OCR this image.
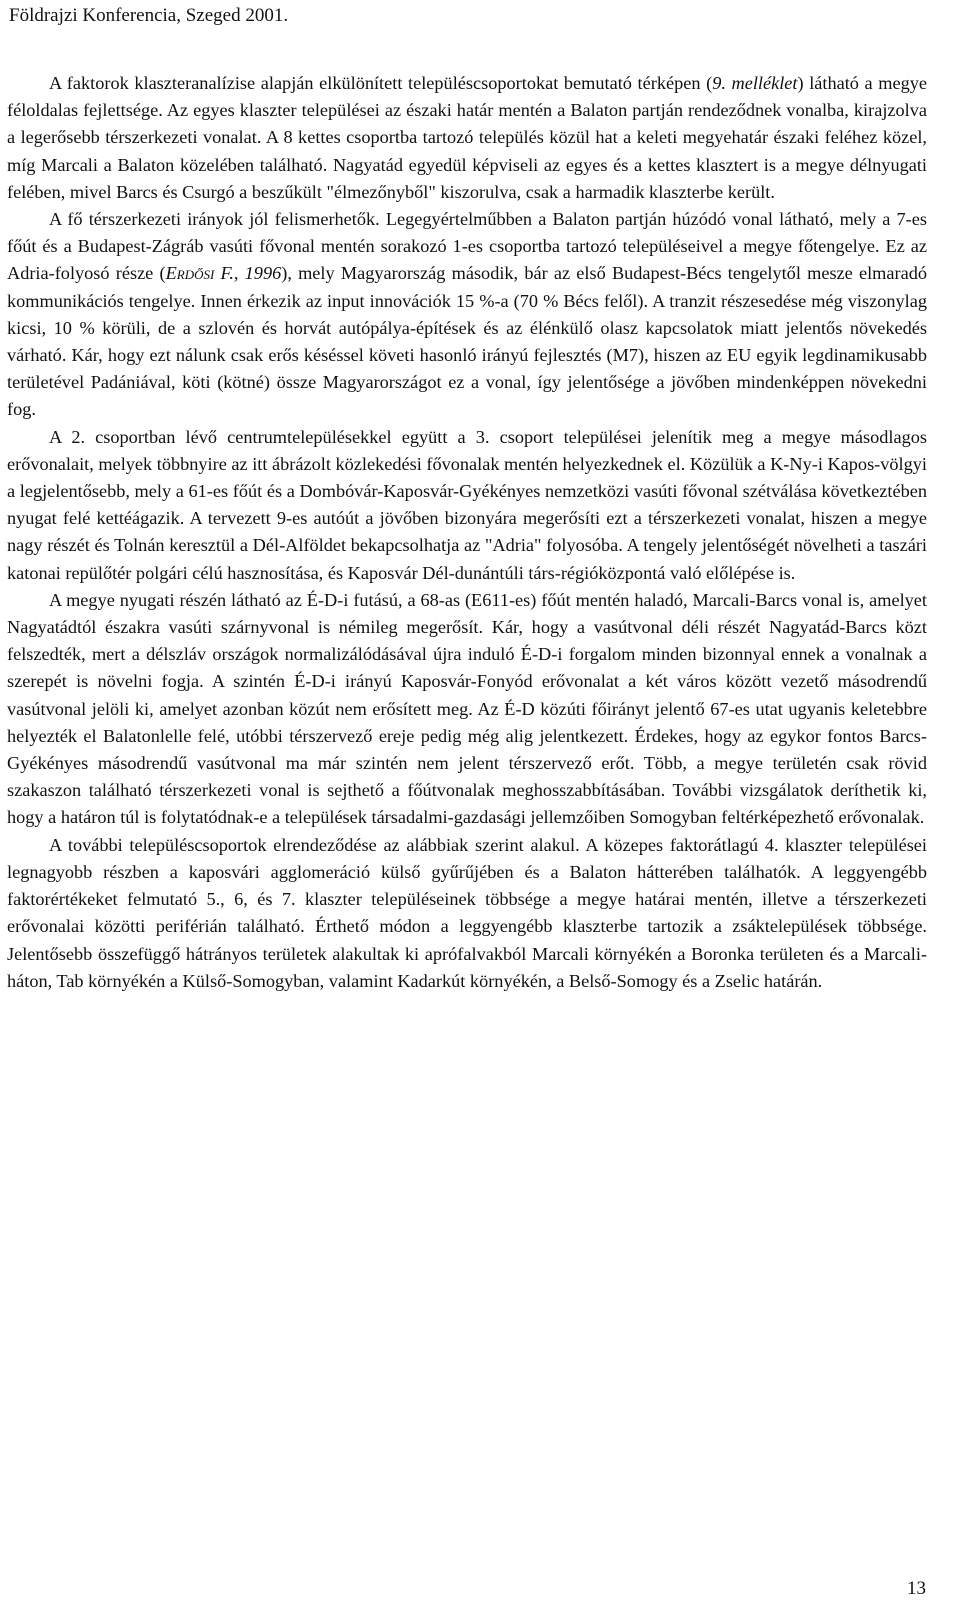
Földrajzi Konferencia, Szeged 2001.

A faktorok klaszteranalízise alapján elkülönített településcsoportokat bemutató térképen (9. melléklet) látható a megye féloldalas fejlettsége. Az egyes klaszter települései az északi határ mentén a Balaton partján rendeződnek vonalba, kirajzolva a legerősebb térszerkezeti vonalat. A 8 kettes csoportba tartozó település közül hat a keleti megyehatár északi feléhez közel, míg Marcali a Balaton közelében található. Nagyatád egyedül képviseli az egyes és a kettes klasztert is a megye délnyugati felében, mivel Barcs és Csurgó a beszűkült "élmezőnyből" kiszorulva, csak a harmadik klaszterbe került.

A fő térszerkezeti irányok jól felismerhetők. Legegyértelműbben a Balaton partján húzódó vonal látható, mely a 7-es főút és a Budapest-Zágráb vasúti fővonal mentén sorakozó 1-es csoportba tartozó településeivel a megye főtengelye. Ez az Adria-folyosó része (Erdősi F., 1996), mely Magyarország második, bár az első Budapest-Bécs tengelytől mesze elmaradó kommunikációs tengelye. Innen érkezik az input innovációk 15 %-a (70 % Bécs felől). A tranzit részesedése még viszonylag kicsi, 10 % körüli, de a szlovén és horvát autópálya-építések és az élénkülő olasz kapcsolatok miatt jelentős növekedés várható. Kár, hogy ezt nálunk csak erős késéssel követi hasonló irányú fejlesztés (M7), hiszen az EU egyik legdinamikusabb területével Padániával, köti (kötné) össze Magyarországot ez a vonal, így jelentősége a jövőben mindenképpen növekedni fog.

A 2. csoportban lévő centrumtelepülésekkel együtt a 3. csoport települései jelenítik meg a megye másodlagos erővonalait, melyek többnyire az itt ábrázolt közlekedési fővonalak mentén helyezkednek el. Közülük a K-Ny-i Kapos-völgyi a legjelentősebb, mely a 61-es főút és a Dombóvár-Kaposvár-Gyékényes nemzetközi vasúti fővonal szétválása következtében nyugat felé kettéágazik. A tervezett 9-es autóút a jövőben bizonyára megerősíti ezt a térszerkezeti vonalat, hiszen a megye nagy részét és Tolnán keresztül a Dél-Alföldet bekapcsolhatja az "Adria" folyosóba. A tengely jelentőségét növelheti a taszári katonai repülőtér polgári célú hasznosítása, és Kaposvár Dél-dunántúli társ-régióközpontá való előlépése is.

A megye nyugati részén látható az É-D-i futású, a 68-as (E611-es) főút mentén haladó, Marcali-Barcs vonal is, amelyet Nagyatádtól északra vasúti szárnyvonal is némileg megerősít. Kár, hogy a vasútvonal déli részét Nagyatád-Barcs közt felszedték, mert a délszláv országok normalizálódásával újra induló É-D-i forgalom minden bizonnyal ennek a vonalnak a szerepét is növelni fogja. A szintén É-D-i irányú Kaposvár-Fonyód erővonalat a két város között vezető másodrendű vasútvonal jelöli ki, amelyet azonban közút nem erősített meg. Az É-D közúti főirányt jelentő 67-es utat ugyanis keletebbre helyezték el Balatonlelle felé, utóbbi térszervező ereje pedig még alig jelentkezett. Érdekes, hogy az egykor fontos Barcs-Gyékényes másodrendű vasútvonal ma már szintén nem jelent térszervező erőt. Több, a megye területén csak rövid szakaszon található térszerkezeti vonal is sejthető a főútvonalak meghosszabbításában. További vizsgálatok deríthetik ki, hogy a határon túl is folytatódnak-e a települések társadalmi-gazdasági jellemzőiben Somogyban feltérképezhető erővonalak.

A további településcsoportok elrendeződése az alábbiak szerint alakul. A közepes faktorátlagú 4. klaszter települései legnagyobb részben a kaposvári agglomeráció külső gyűrűjében és a Balaton hátterében találhatók. A leggyengébb faktorértékeket felmutató 5., 6, és 7. klaszter településeinek többsége a megye határai mentén, illetve a térszerkezeti erővonalai közötti periférián található. Érthető módon a leggyengébb klaszterbe tartozik a zsáktelepülések többsége. Jelentősebb összefüggő hátrányos területek alakultak ki aprófalvakból Marcali környékén a Boronka területen és a Marcali-háton, Tab környékén a Külső-Somogyban, valamint Kadarkút környékén, a Belső-Somogy és a Zselic határán.

13
